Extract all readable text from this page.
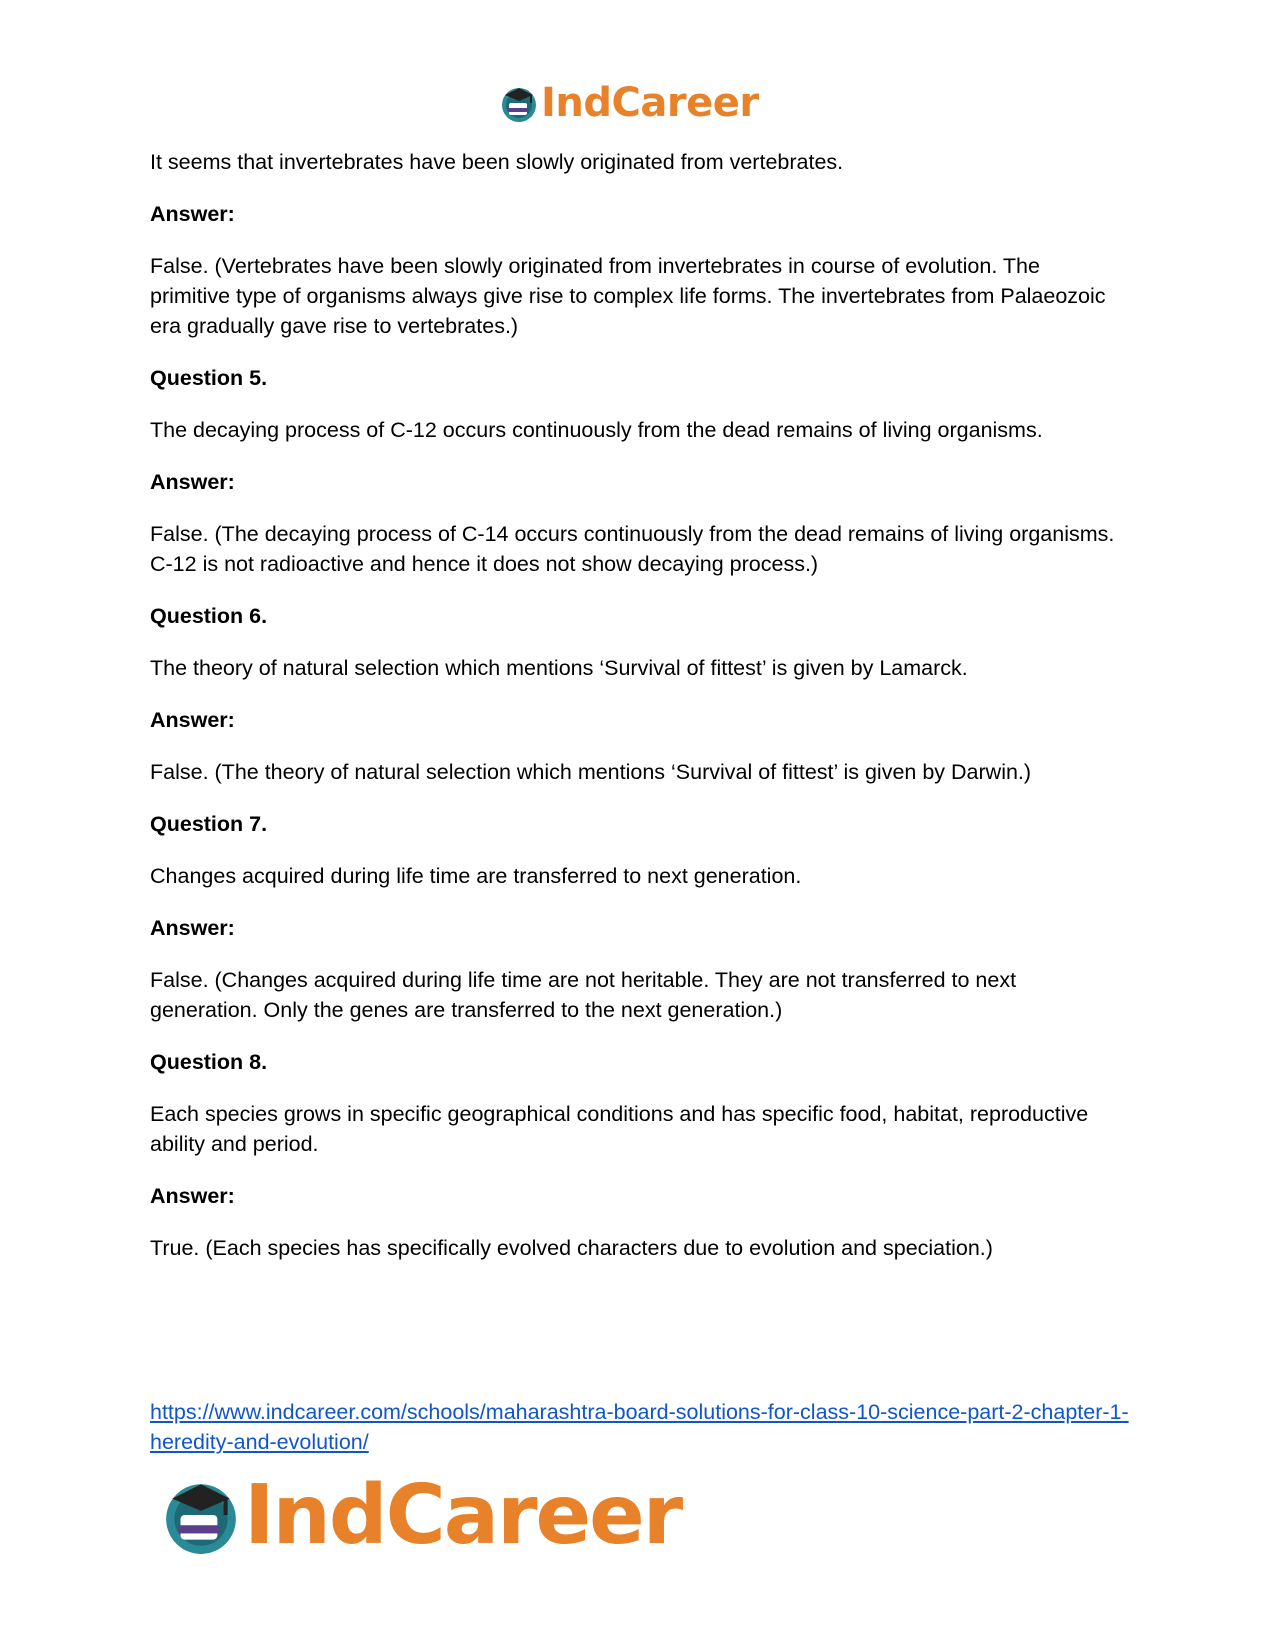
IndCareer

It seems that invertebrates have been slowly originated from vertebrates.

Answer:

False. (Vertebrates have been slowly originated from invertebrates in course of evolution. The primitive type of organisms always give rise to complex life forms. The invertebrates from Palaeozoic era gradually gave rise to vertebrates.)

Question 5.

The decaying process of C-12 occurs continuously from the dead remains of living organisms.

Answer:

False. (The decaying process of C-14 occurs continuously from the dead remains of living organisms. C-12 is not radioactive and hence it does not show decaying process.)

Question 6.

The theory of natural selection which mentions ‘Survival of fittest’ is given by Lamarck.

Answer:

False. (The theory of natural selection which mentions ‘Survival of fittest’ is given by Darwin.)

Question 7.

Changes acquired during life time are transferred to next generation.

Answer:

False. (Changes acquired during life time are not heritable. They are not transferred to next generation. Only the genes are transferred to the next generation.)

Question 8.

Each species grows in specific geographical conditions and has specific food, habitat, reproductive ability and period.

Answer:

True. (Each species has specifically evolved characters due to evolution and speciation.)

https://www.indcareer.com/schools/maharashtra-board-solutions-for-class-10-science-part-2-chapter-1-heredity-and-evolution/
IndCareer
